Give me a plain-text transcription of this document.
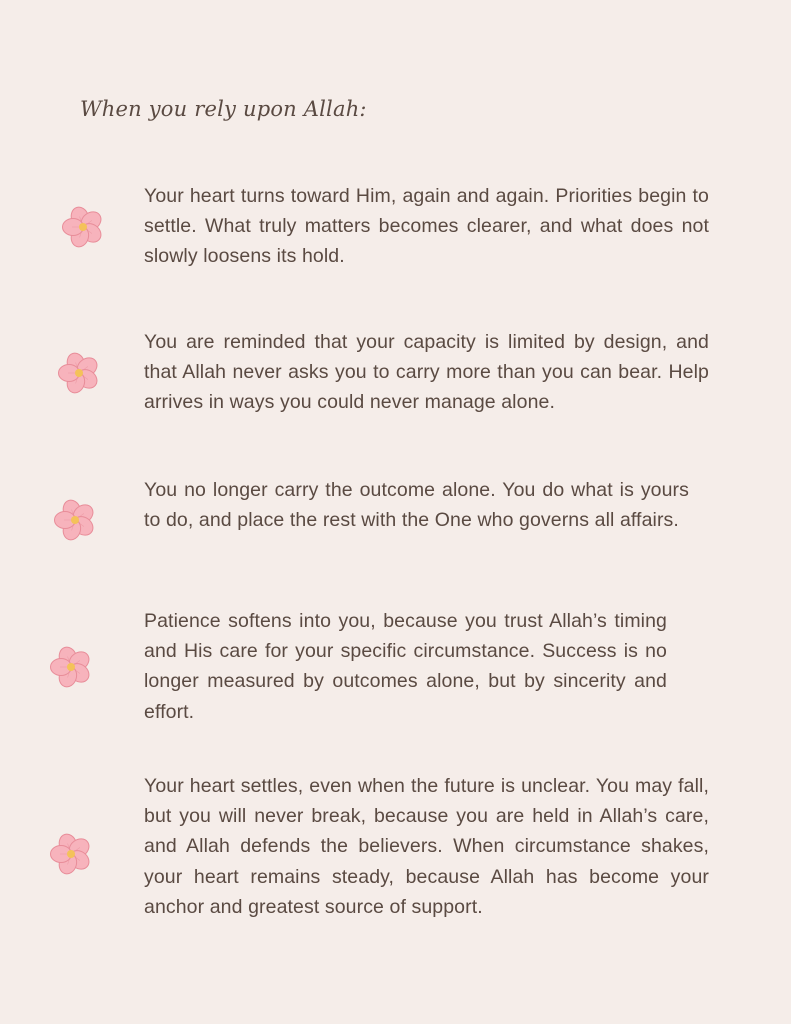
When you rely upon Allah:

Your heart turns toward Him, again and again. Priorities begin to settle. What truly matters becomes clearer, and what does not slowly loosens its hold.

You are reminded that your capacity is limited by design, and that Allah never asks you to carry more than you can bear. Help arrives in ways you could never manage alone.

You no longer carry the outcome alone. You do what is yours to do, and place the rest with the One who governs all affairs.

Patience softens into you, because you trust Allah’s timing and His care for your specific circumstance. Success is no longer measured by outcomes alone, but by sincerity and effort.

Your heart settles, even when the future is unclear. You may fall, but you will never break, because you are held in Allah’s care, and Allah defends the believers. When circumstance shakes, your heart remains steady, because Allah has become your anchor and greatest source of support.
